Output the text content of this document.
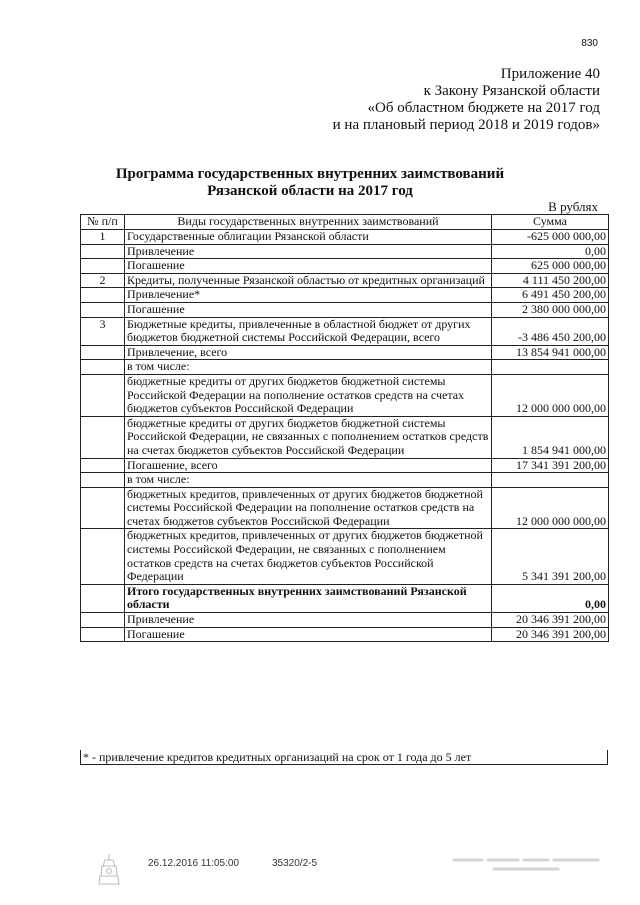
830
Приложение 40
к Закону Рязанской области
«Об областном бюджете на 2017 год
и на плановый период 2018 и 2019 годов»
Программа государственных внутренних заимствований
Рязанской области на 2017 год
В рублях
№ п/п	Виды государственных внутренних заимствований	Сумма
1	Государственные облигации Рязанской области	-625 000 000,00
	Привлечение	0,00
	Погашение	625 000 000,00
2	Кредиты, полученные Рязанской областью от кредитных организаций	4 111 450 200,00
	Привлечение*	6 491 450 200,00
	Погашение	2 380 000 000,00
3	Бюджетные кредиты, привлеченные в областной бюджет от других бюджетов бюджетной системы Российской Федерации, всего	-3 486 450 200,00
	Привлечение, всего	13 854 941 000,00
	в том числе:	
	бюджетные кредиты от других бюджетов бюджетной системы Российской Федерации на пополнение остатков средств на счетах бюджетов субъектов Российской Федерации	12 000 000 000,00
	бюджетные кредиты от других бюджетов бюджетной системы Российской Федерации, не связанных с пополнением остатков средств на счетах бюджетов субъектов Российской Федерации	1 854 941 000,00
	Погашение, всего	17 341 391 200,00
	в том числе:	
	бюджетных кредитов, привлеченных от других бюджетов бюджетной системы Российской Федерации на пополнение остатков средств на счетах бюджетов субъектов Российской Федерации	12 000 000 000,00
	бюджетных кредитов, привлеченных от других бюджетов бюджетной системы Российской Федерации, не связанных с пополнением остатков средств на счетах бюджетов субъектов Российской Федерации	5 341 391 200,00
	Итого государственных внутренних заимствований Рязанской области	0,00
	Привлечение	20 346 391 200,00
	Погашение	20 346 391 200,00
* - привлечение кредитов кредитных организаций на срок от 1 года до 5 лет
26.12.2016 11:05:00	35320/2-5
